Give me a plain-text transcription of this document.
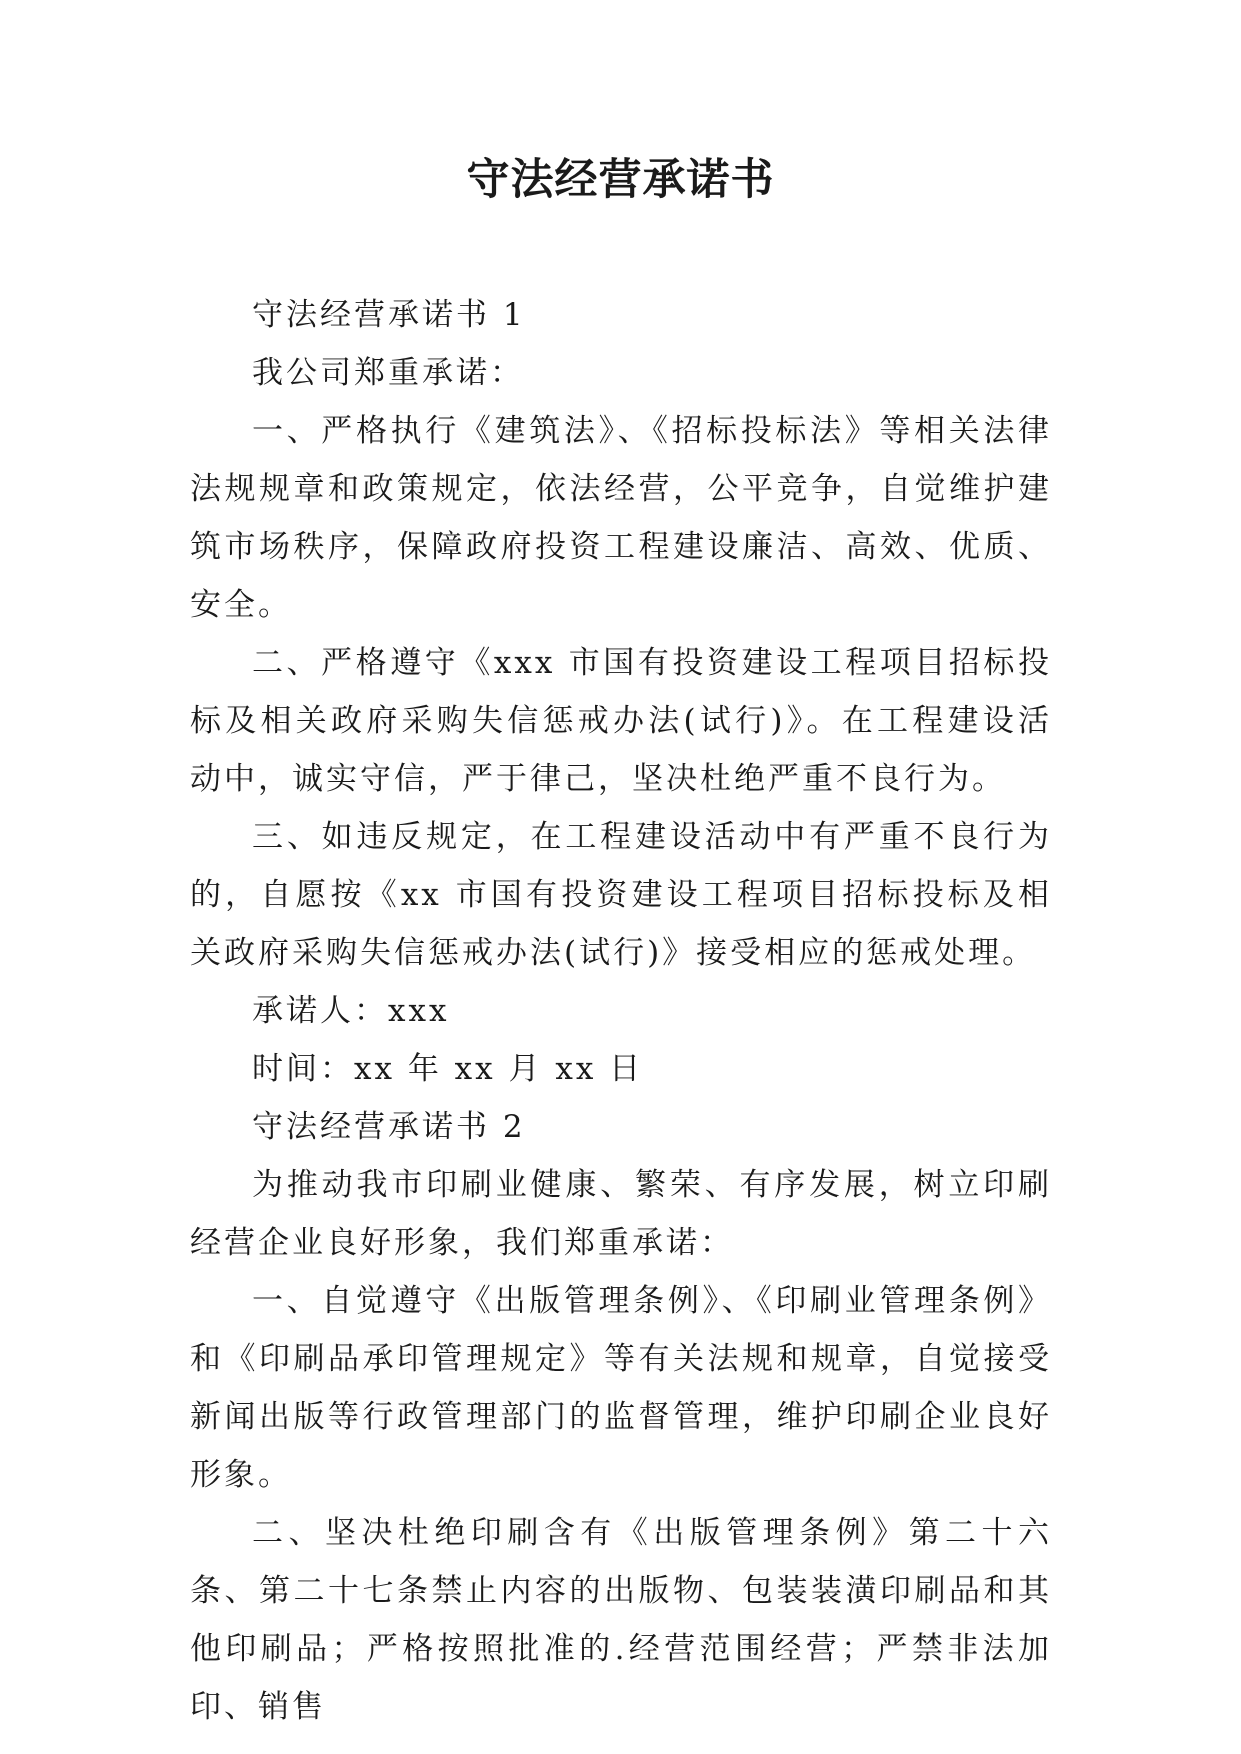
守法经营承诺书

守法经营承诺书 1

我公司郑重承诺：

一、严格执行《建筑法》、《招标投标法》等相关法律法规规章和政策规定，依法经营，公平竞争，自觉维护建筑市场秩序，保障政府投资工程建设廉洁、高效、优质、安全。

二、严格遵守《xxx 市国有投资建设工程项目招标投标及相关政府采购失信惩戒办法(试行)》。在工程建设活动中，诚实守信，严于律己，坚决杜绝严重不良行为。

三、如违反规定，在工程建设活动中有严重不良行为的，自愿按《xx 市国有投资建设工程项目招标投标及相关政府采购失信惩戒办法(试行)》接受相应的惩戒处理。

承诺人：xxx

时间：xx 年 xx 月 xx 日

守法经营承诺书 2

为推动我市印刷业健康、繁荣、有序发展，树立印刷经营企业良好形象，我们郑重承诺：

一、自觉遵守《出版管理条例》、《印刷业管理条例》和《印刷品承印管理规定》等有关法规和规章，自觉接受新闻出版等行政管理部门的监督管理，维护印刷企业良好形象。

二、坚决杜绝印刷含有《出版管理条例》第二十六条、第二十七条禁止内容的出版物、包装装潢印刷品和其他印刷品；严格按照批准的.经营范围经营；严禁非法加印、销售
